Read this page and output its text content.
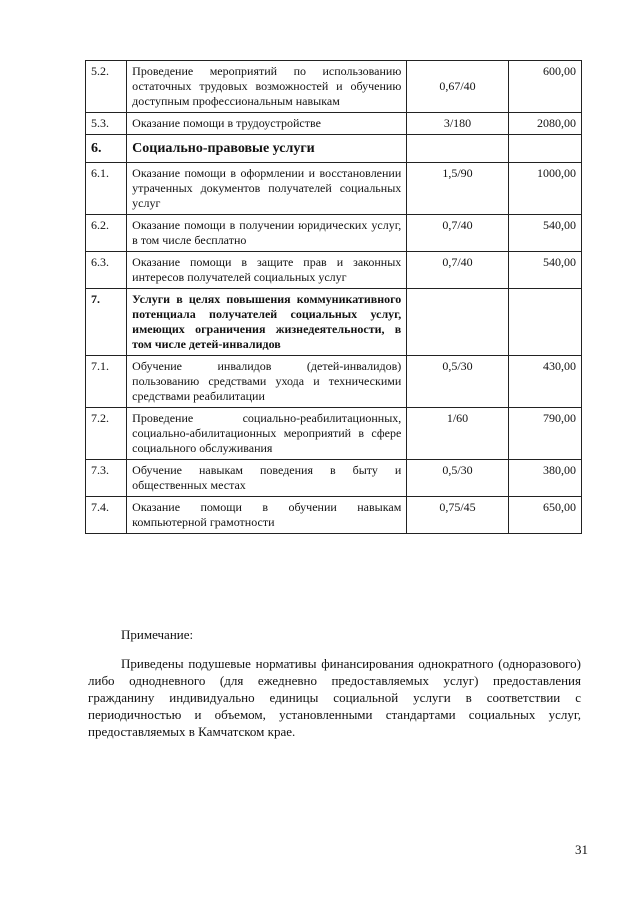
5.2.	Проведение мероприятий по использованию остаточных трудовых возможностей и обучению доступным профессиональным навыкам	0,67/40	600,00
5.3.	Оказание помощи в трудоустройстве	3/180	2080,00
6.	Социально-правовые услуги		
6.1.	Оказание помощи в оформлении и восстановлении утраченных документов получателей социальных услуг	1,5/90	1000,00
6.2.	Оказание помощи в получении юридических услуг, в том числе бесплатно	0,7/40	540,00
6.3.	Оказание помощи в защите прав и законных интересов получателей социальных услуг	0,7/40	540,00
7.	Услуги в целях повышения коммуникативного потенциала получателей социальных услуг, имеющих ограничения жизнедеятельности, в том числе детей-инвалидов		
7.1.	Обучение инвалидов (детей-инвалидов) пользованию средствами ухода и техническими средствами реабилитации	0,5/30	430,00
7.2.	Проведение социально-реабилитационных, социально-абилитационных мероприятий в сфере социального обслуживания	1/60	790,00
7.3.	Обучение навыкам поведения в быту и общественных местах	0,5/30	380,00
7.4.	Оказание помощи в обучении навыкам компьютерной грамотности	0,75/45	650,00
Примечание:
Приведены подушевые нормативы финансирования однократного (одноразового) либо однодневного (для ежедневно предоставляемых услуг) предоставления гражданину индивидуально единицы социальной услуги в соответствии с периодичностью и объемом, установленными стандартами социальных услуг, предоставляемых в Камчатском крае.
31
